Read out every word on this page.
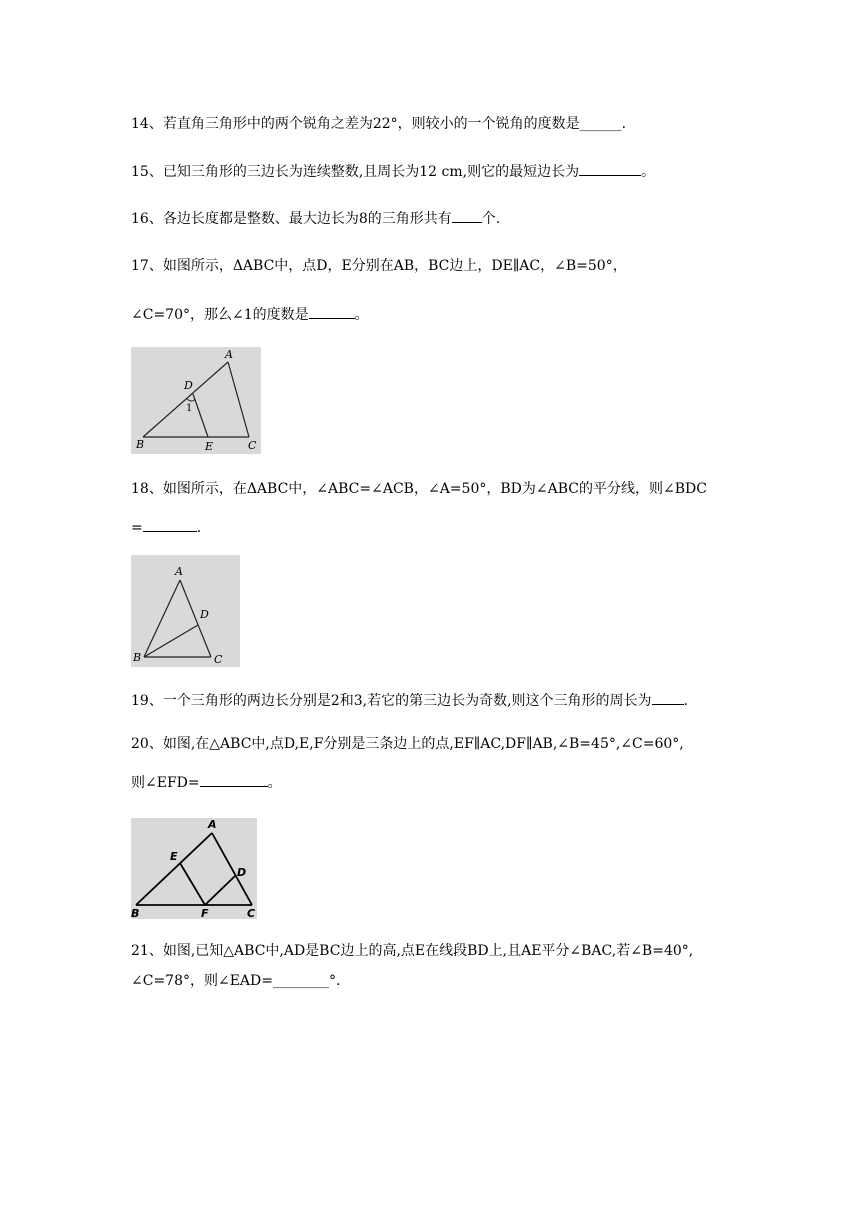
14、若直角三角形中的两个锐角之差为22°，则较小的一个锐角的度数是______.
15、已知三角形的三边长为连续整数,且周长为12 cm,则它的最短边长为	。
16、各边长度都是整数、最大边长为8的三角形共有 个.
17、如图所示，ΔABC中，点D，E分别在AB，BC边上，DE∥AC，∠B=50°，
∠C=70°，那么∠1的度数是	。
A
D
1
B	E	C
18、如图所示，在ΔABC中，∠ABC=∠ACB，∠A=50°，BD为∠ABC的平分线，则∠BDC
=	.
A
D
B	C
19、一个三角形的两边长分别是2和3,若它的第三边长为奇数,则这个三角形的周长为 .
20、如图,在△ABC中,点D,E,F分别是三条边上的点,EF∥AC,DF∥AB,∠B=45°,∠C=60°,
则∠EFD=	。
A
E
D
B	F	C
21、如图,已知△ABC中,AD是BC边上的高,点E在线段BD上,且AE平分∠BAC,若∠B=40°,
∠C=78°，则∠EAD=________°.
